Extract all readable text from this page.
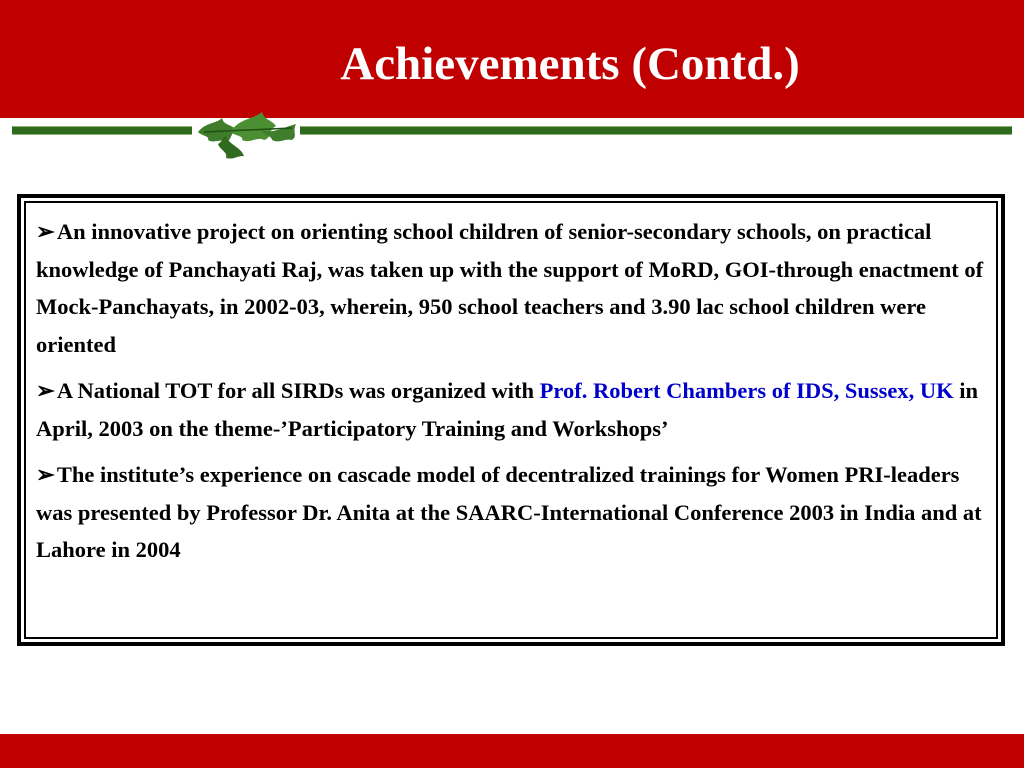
Achievements (Contd.)

➢An innovative project on orienting school children of senior-secondary schools, on practical knowledge of Panchayati Raj, was taken up with the support of MoRD, GOI-through enactment of Mock-Panchayats, in 2002-03, wherein, 950 school teachers and 3.90 lac school children were oriented

➢A National TOT for all SIRDs was organized with Prof. Robert Chambers of IDS, Sussex, UK in April, 2003 on the theme-’Participatory Training and Workshops’

➢The institute’s experience on cascade model of decentralized trainings for Women PRI-leaders was presented by Professor Dr. Anita at the SAARC-International Conference 2003 in India and at Lahore in 2004
